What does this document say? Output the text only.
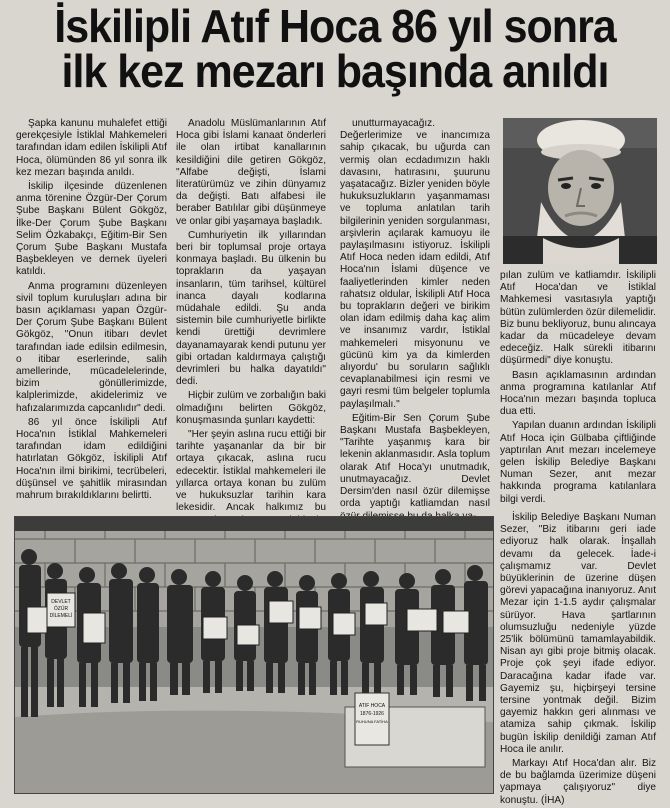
İskilipli Atıf Hoca 86 yıl sonra
ilk kez mezarı başında anıldı

Şapka kanunu muhalefet ettiği gerekçesiyle İstiklal Mahkemeleri tarafından idam edilen İskilipli Atıf Hoca, ölümünden 86 yıl sonra ilk kez mezarı başında anıldı.

İskilip ilçesinde düzenlenen anma törenine Özgür-Der Çorum Şube Başkanı Bülent Gökgöz, İlke-Der Çorum Şube Başkanı Selim Özkabakçı, Eğitim-Bir Sen Çorum Şube Başkanı Mustafa Başbekleyen ve dernek üyeleri katıldı.

Anma programını düzenleyen sivil toplum kuruluşları adına bir basın açıklaması yapan Özgür-Der Çorum Şube Başkanı Bülent Gökgöz, "Onun itibarı devlet tarafından iade edilsin edilmesin, o itibar eserlerinde, salih amellerinde, mücadelelerinde, bizim gönüllerimizde, kalplerimizde, akidelerimiz ve hafızalarımızda capcanlıdır" dedi.

86 yıl önce İskilipli Atıf Hoca'nın İstiklal Mahkemeleri tarafından idam edildiğini hatırlatan Gökgöz, İskilipli Atıf Hoca'nın ilmi birikimi, tecrübeleri, düşünsel ve şahitlik mirasından mahrum bırakıldıklarını belirtti.

Anadolu Müslümanlarının Atıf Hoca gibi İslami kanaat önderleri ile olan irtibat kanallarının kesildiğini dile getiren Gökgöz, "Alfabe değişti, İslami literatürümüz ve zihin dünyamız da değişti. Batı alfabesi ile beraber Batılılar gibi düşünmeye ve onlar gibi yaşamaya başladık.

Cumhuriyetin ilk yıllarından beri bir toplumsal proje ortaya konmaya başladı. Bu ülkenin bu toprakların da yaşayan insanların, tüm tarihsel, kültürel inanca dayalı kodlarına müdahale edildi. Şu anda sistemin bile cumhuriyetle birlikte kendi ürettiği devrimlere dayanamayarak kendi putunu yer gibi ortadan kaldırmaya çalıştığı devrimleri bu halka dayatıldı" dedi.

Hiçbir zulüm ve zorbalığın baki olmadığını belirten Gökgöz, konuşmasında şunları kaydetti:

"Her şeyin aslına rucu ettiği bir tarihte yaşananlar da bir bir ortaya çıkacak, aslına rucu edecektir. İstiklal mahkemeleri ile yıllarca ortaya konan bu zulüm ve hukuksuzlar tarihin kara lekesidir. Ancak halkımız bu

unutturmayacağız. Değerlerimize ve inancımıza sahip çıkacak, bu uğurda can vermiş olan ecdadımızın haklı davasını, hatırasını, şuurunu yaşatacağız. Bizler yeniden böyle hukuksuzlukların yaşanmaması ve topluma anlatılan tarih bilgilerinin yeniden sorgulanması, arşivlerin açılarak kamuoyu ile paylaşılmasını istiyoruz. İskilipli Atıf Hoca neden idam edildi, Atıf Hoca'nın İslami düşence ve faaliyetlerinden kimler neden rahatsız oldular, İskilipli Atıf Hoca bu toprakların değeri ve birikim olan idam edilmiş daha kaç alim ve insanımız vardır, İstiklal mahkemeleri misyonunu ve gücünü kim ya da kimlerden alıyordu' bu soruların sağlıklı cevaplanabilmesi için resmi ve gayri resmi tüm belgeler toplumla paylaşılmalı."

Eğitim-Bir Sen Çorum Şube Başkanı Mustafa Başbekleyen, "Tarihte yaşanmış kara bir lekenin aklanmasıdır. Asla toplum olarak Atıf Hoca'yı unutmadık, unutmayacağız. Devlet Dersim'den nasıl özür dilemişse orda yaptığı katliamdan nasıl

pılan zulüm ve katliamdır. İskilipli Atıf Hoca'dan ve İstiklal Mahkemesi vasıtasıyla yaptığı bütün zulümlerden özür dilemelidir. Biz bunu bekliyoruz, bunu alıncaya kadar da mücadeleye devam edeceğiz. Halk sürekli itibarını düşürmedi" diye konuştu.

Basın açıklamasının ardından anma programına katılanlar Atıf Hoca'nın mezarı başında topluca dua etti.

Yapılan duanın ardından İskilipli Atıf Hoca için Gülbaba çiftliğinde yaptırılan Anıt mezarı incelemeye gelen İskilip Belediye Başkanı Numan Sezer, anıt mezar hakkında programa katılanlara bilgi verdi.

İskilip Belediye Başkanı Numan Sezer, "Biz itibarını geri iade ediyoruz halk olarak. İnşallah devamı da gelecek. İade-i çalışmamız var. Devlet büyüklerinin de üzerine düşen görevi yapacağına inanıyoruz. Anıt Mezar için 1-1.5 aydır çalışmalar sürüyor. Hava şartlarının olumsuzluğu nedeniyle yüzde 25'lik bölümünü tamamlayabildik. Nisan ayı gibi proje bitmiş olacak. Proje çok şeyi ifade ediyor. Daracağına kadar ifade var. Gayemiz şu, hiçbirşeyi tersine tersine yontmak değil. Bizim gayemiz hakkın geri alınması ve atamiza sahip çıkmak. İskilip bugün İskilip denildiği zaman Atıf Hoca ile anılır.

Markayı Atıf Hoca'dan alır. Biz de bu bağlamda üzerimize düşeni yapmaya çalışıyoruz" diye konuştu. (İHA)

DEVLET
ÖZÜR
DİLEMELİ
ATIF HOCA
1876-1926
RUHUNA FATİHA
